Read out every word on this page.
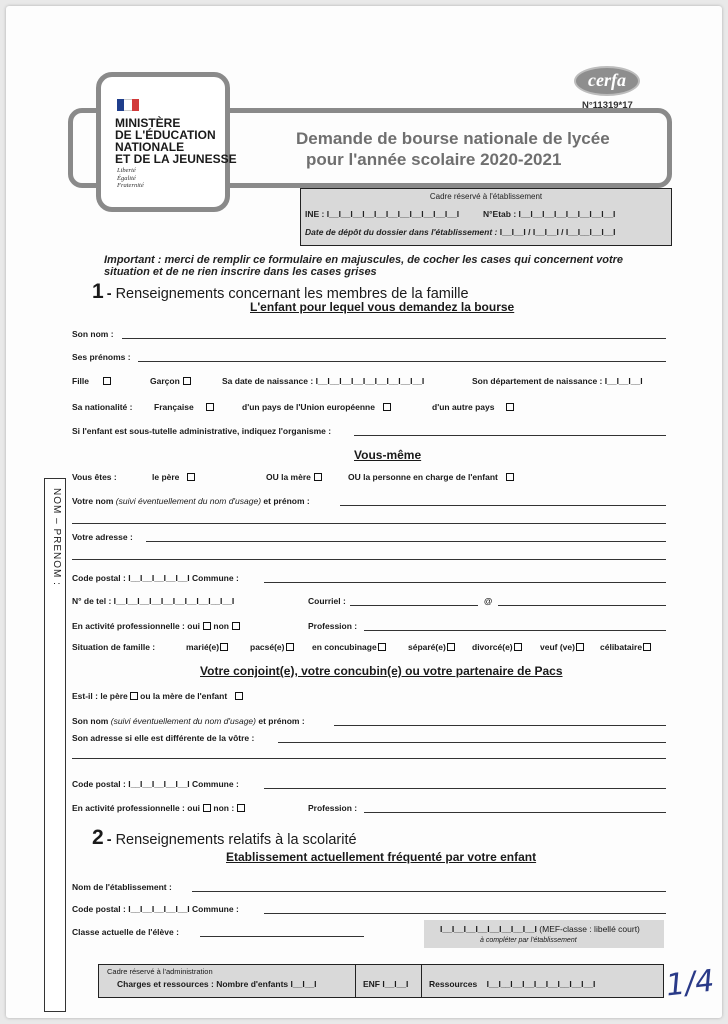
MINISTÈRE
DE L'ÉDUCATION
NATIONALE
ET DE LA JEUNESSE
Liberté
Égalité
Fraternité
Demande de bourse nationale de lycée
pour l'année scolaire 2020-2021
cerfa
N°11319*17
Cadre réservé à l'établissement
INE : I__I__I__I__I__I__I__I__I__I__I__I	N°Etab : I__I__I__I__I__I__I__I__I
Date de dépôt du dossier dans l'établissement : I__I__I / I__I__I / I__I__I__I__I
Important : merci de remplir ce formulaire en majuscules, de cocher les cases qui concernent votre situation et de ne rien inscrire dans les cases grises
NOM – PRENOM :
1 - Renseignements concernant les membres de la famille
L'enfant pour lequel vous demandez la bourse
Son nom :
Ses prénoms :
Fille	Garçon	Sa date de naissance : I__I__I__I__I__I__I__I__I__I	Son département de naissance : I__I__I__I
Sa nationalité :	Française	d'un pays de l'Union européenne	d'un autre pays
Si l'enfant est sous-tutelle administrative, indiquez l'organisme :
Vous-même
Vous êtes :	le père	OU la mère	OU la personne en charge de l'enfant
Votre nom (suivi éventuellement du nom d'usage) et prénom :
Votre adresse :
Code postal : I__I__I__I__I__I Commune :
N° de tel : I__I__I__I__I__I__I__I__I__I__I	Courriel :	@
En activité professionnelle : oui non	Profession :
Situation de famille :	marié(e)	pacsé(e)	en concubinage	séparé(e)	divorcé(e)	veuf (ve)	célibataire
Votre conjoint(e), votre concubin(e) ou votre partenaire de Pacs
Est-il : le père ou la mère de l'enfant
Son nom (suivi éventuellement du nom d'usage) et prénom :
Son adresse si elle est différente de la vôtre :
Code postal : I__I__I__I__I__I Commune :
En activité professionnelle : oui non :	Profession :
2 - Renseignements relatifs à la scolarité
Etablissement actuellement fréquenté par votre enfant
Nom de l'établissement :
Code postal : I__I__I__I__I__I Commune :
Classe actuelle de l'élève :	I__I__I__I__I__I__I__I__I (MEF-classe : libellé court)
à compléter par l'établissement
Cadre réservé à l'administration
Charges et ressources : Nombre d'enfants I__I__I	ENF I__I__I Ressources I__I__I__I__I__I__I__I__I__I 1/4
